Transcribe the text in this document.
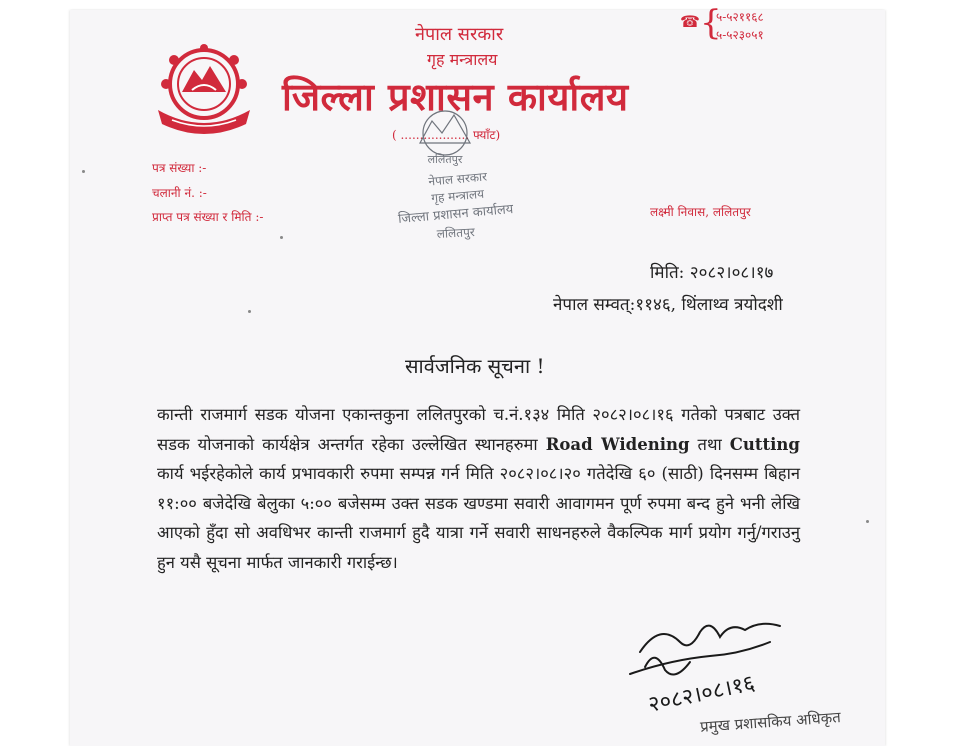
नेपाल सरकार
गृह मन्त्रालय
जिल्ला प्रशासन कार्यालय
( .................. फ्याँट)
☎ {
५-५२११६८
५-५२३०५१
पत्र संख्या :-
चलानी नं. :-
प्राप्त पत्र संख्या र मिति :-	लक्ष्मी निवास, ललितपुर
ललितपुर
नेपाल सरकार
गृह मन्त्रालय
जिल्ला प्रशासन कार्यालय
ललितपुर
मिति: २०८२।०८।१७
नेपाल सम्वत्:११४६, थिंलाथ्व त्रयोदशी
सार्वजनिक सूचना !
कान्ती राजमार्ग सडक योजना एकान्तकुना ललितपुरको च.नं.१३४ मिति २०८२।०८।१६ गतेको पत्रबाट उक्त सडक योजनाको कार्यक्षेत्र अन्तर्गत रहेका उल्लेखित स्थानहरुमा Road Widening तथा Cutting कार्य भईरहेकोले कार्य प्रभावकारी रुपमा सम्पन्न गर्न मिति २०८२।०८।२० गतेदेखि ६० (साठी) दिनसम्म बिहान ११:०० बजेदेखि बेलुका ५:०० बजेसम्म उक्त सडक खण्डमा सवारी आवागमन पूर्ण रुपमा बन्द हुने भनी लेखि आएको हुँदा सो अवधिभर कान्ती राजमार्ग हुदै यात्रा गर्ने सवारी साधनहरुले वैकल्पिक मार्ग प्रयोग गर्नु/गराउनु हुन यसै सूचना मार्फत जानकारी गराईन्छ।
२०८२।०८।१६
प्रमुख प्रशासकिय अधिकृत
